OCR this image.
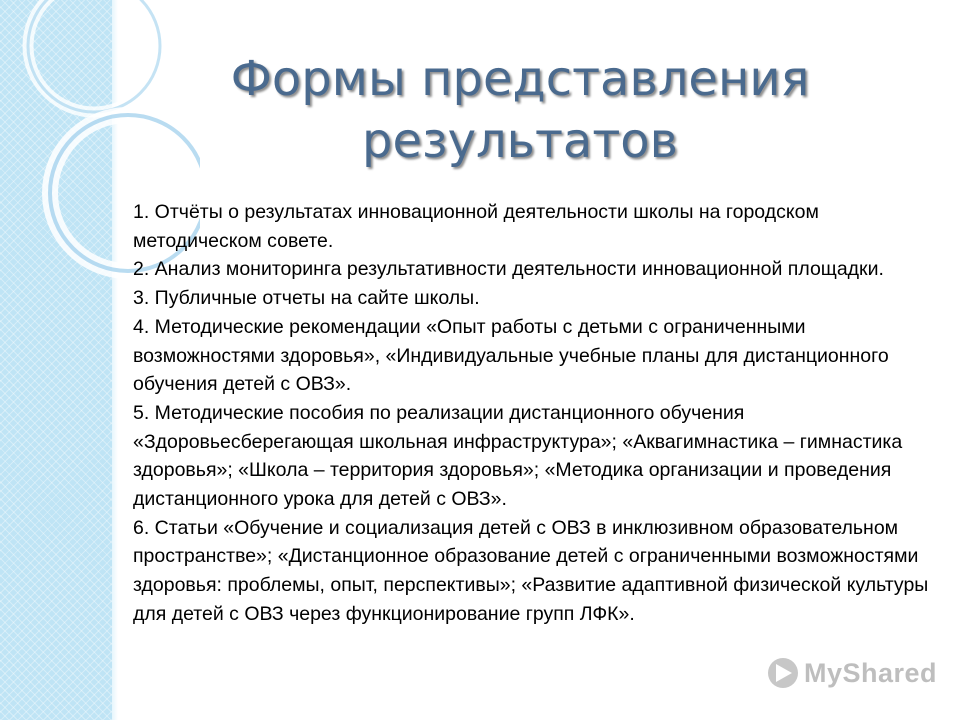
Формы представления
результатов
1. Отчёты о результатах инновационной деятельности школы на городском методическом совете.
2. Анализ мониторинга результативности деятельности инновационной площадки.
3. Публичные отчеты на сайте школы.
4. Методические рекомендации «Опыт работы с детьми с ограниченными возможностями здоровья», «Индивидуальные учебные планы для дистанционного обучения детей с ОВЗ».
5. Методические пособия по реализации дистанционного обучения «Здоровьесберегающая школьная инфраструктура»; «Аквагимнастика – гимнастика здоровья»; «Школа – территория здоровья»; «Методика организации и проведения дистанционного урока для детей с ОВЗ».
6. Статьи «Обучение и социализация детей с ОВЗ в инклюзивном образовательном пространстве»; «Дистанционное образование детей с ограниченными возможностями здоровья: проблемы, опыт, перспективы»; «Развитие адаптивной физической культуры для детей с ОВЗ через функционирование групп ЛФК».
MyShared
